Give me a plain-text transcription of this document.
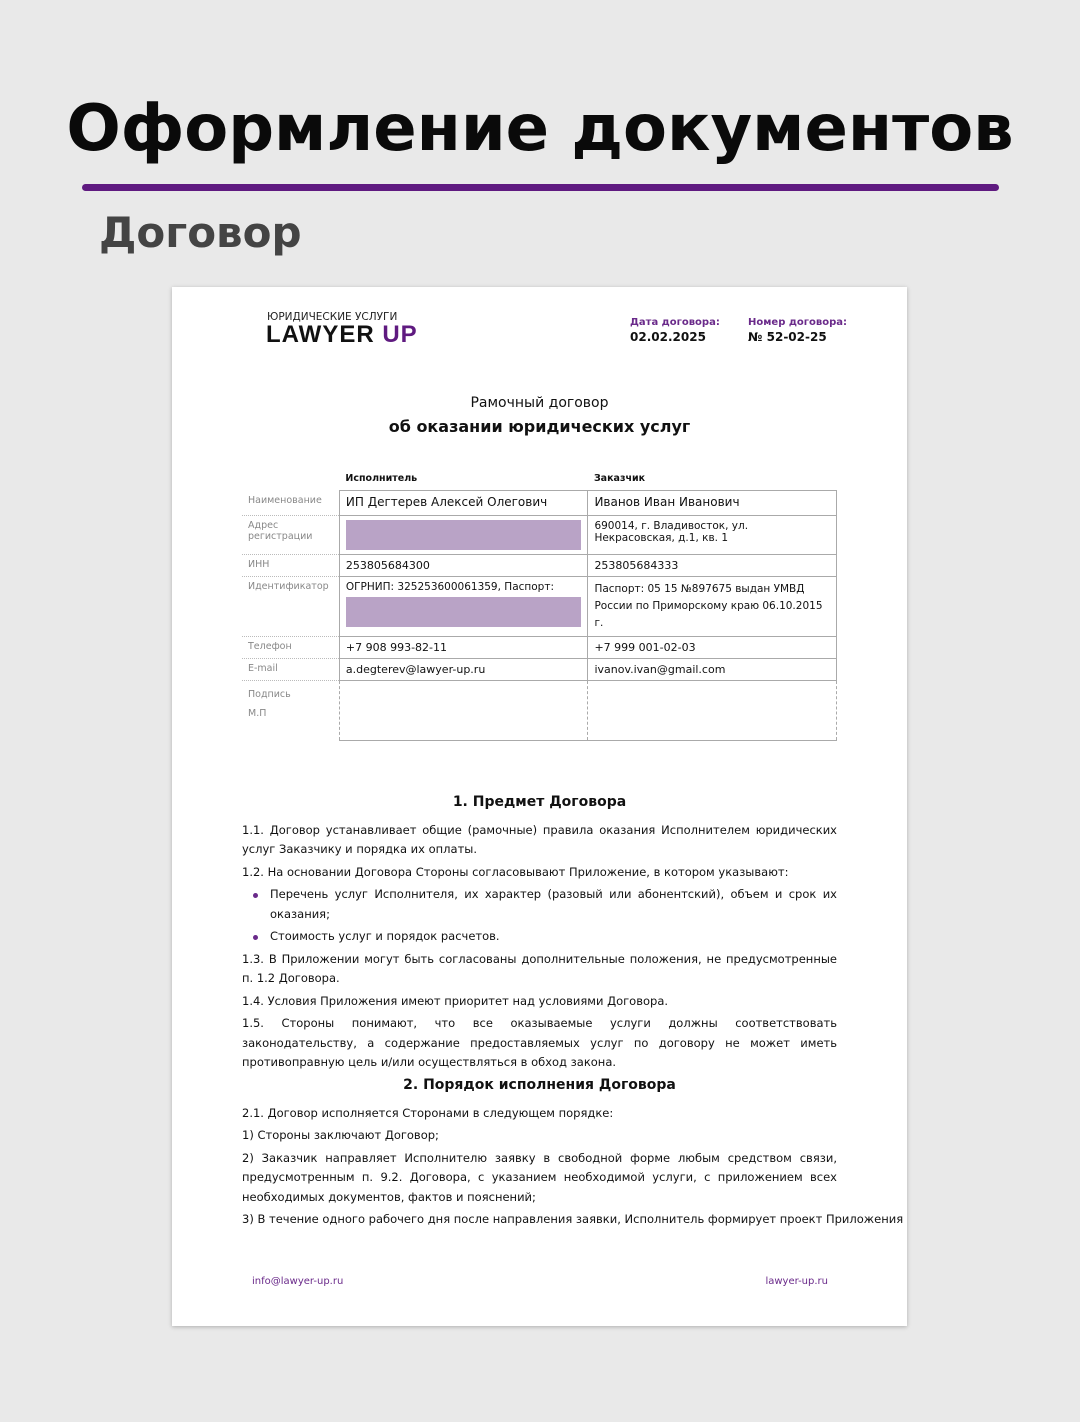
Оформление документов
Договор
ЮРИДИЧЕСКИЕ УСЛУГИ
LAWYER UP	Дата договора:
02.02.2025
Номер договора:
№ 52-02-25
Рамочный договор
об оказании юридических услуг
	Исполнитель	Заказчик
Наименование	ИП Дегтерев Алексей Олегович	Иванов Иван Иванович
Адрес регистрации		690014, г. Владивосток, ул. Некрасовская, д.1, кв. 1
ИНН	253805684300	253805684333
Идентификатор	ОГРНИП: 325253600061359, Паспорт:	Паспорт: 05 15 №897675 выдан УМВД России по Приморскому краю 06.10.2015 г.
Телефон	+7 908 993-82-11	+7 999 001-02-03
E-mail	a.degterev@lawyer-up.ru	ivanov.ivan@gmail.com

Подпись
М.П		

1. Предмет Договора

1.1. Договор устанавливает общие (рамочные) правила оказания Исполнителем юридических услуг Заказчику и порядка их оплаты.

1.2. На основании Договора Стороны согласовывают Приложение, в котором указывают:

Перечень услуг Исполнителя, их характер (разовый или абонентский), объем и срок их оказания;
Стоимость услуг и порядок расчетов.

1.3. В Приложении могут быть согласованы дополнительные положения, не предусмотренные п. 1.2 Договора.

1.4. Условия Приложения имеют приоритет над условиями Договора.

1.5. Стороны понимают, что все оказываемые услуги должны соответствовать законодательству, а содержание предоставляемых услуг по договору не может иметь противоправную цель и/или осуществляться в обход закона.

2. Порядок исполнения Договора

2.1. Договор исполняется Сторонами в следующем порядке:

1) Стороны заключают Договор;

2) Заказчик направляет Исполнителю заявку в свободной форме любым средством связи, предусмотренным п. 9.2. Договора, с указанием необходимой услуги, с приложением всех необходимых документов, фактов и пояснений;

3) В течение одного рабочего дня после направления заявки, Исполнитель формирует проект Приложения

info@lawyer-up.ru	lawyer-up.ru
